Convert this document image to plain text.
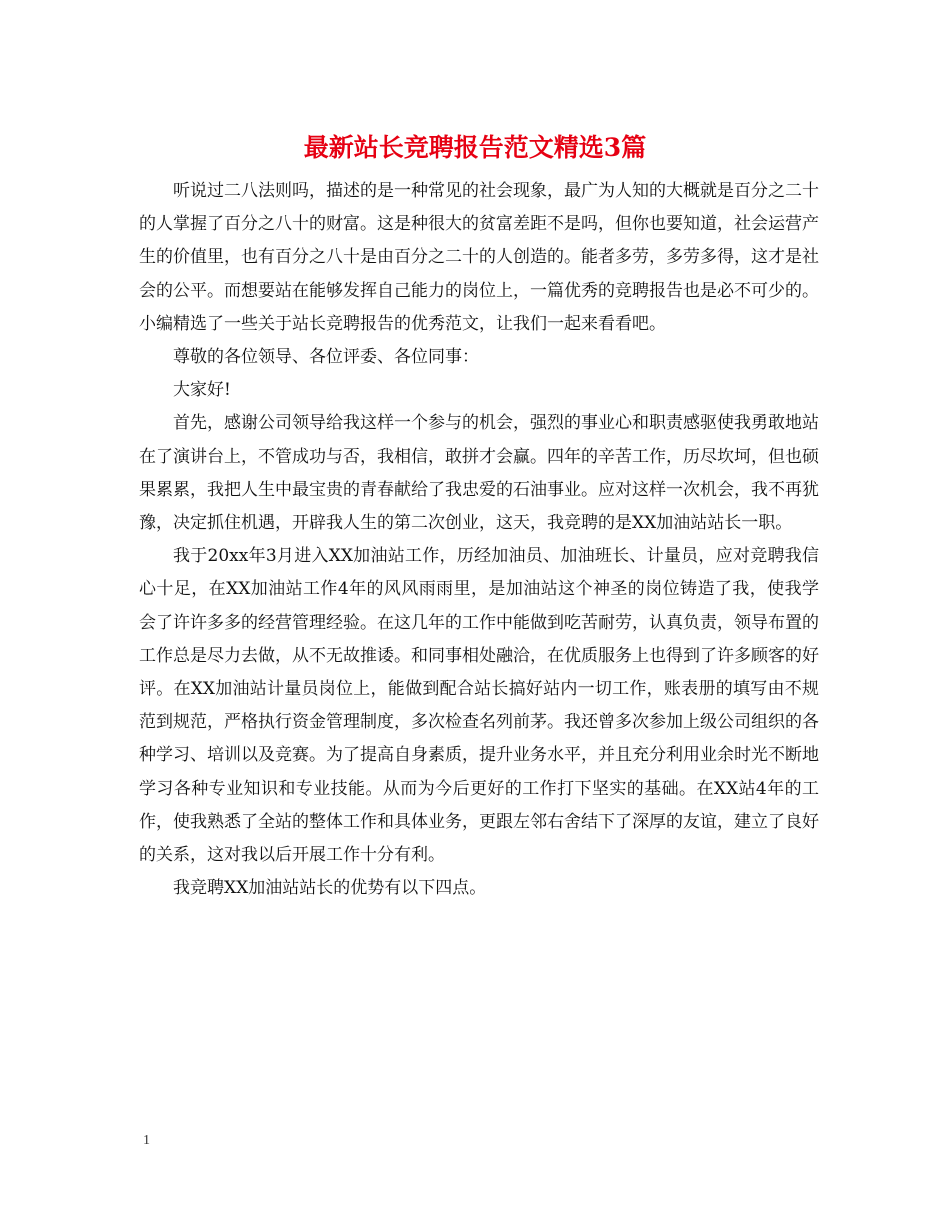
最新站长竞聘报告范文精选3篇

听说过二八法则吗，描述的是一种常见的社会现象，最广为人知的大概就是百分之二十的人掌握了百分之八十的财富。这是种很大的贫富差距不是吗，但你也要知道，社会运营产生的价值里，也有百分之八十是由百分之二十的人创造的。能者多劳，多劳多得，这才是社会的公平。而想要站在能够发挥自己能力的岗位上，一篇优秀的竞聘报告也是必不可少的。小编精选了一些关于站长竞聘报告的优秀范文，让我们一起来看看吧。

尊敬的各位领导、各位评委、各位同事：

大家好!

首先，感谢公司领导给我这样一个参与的机会，强烈的事业心和职责感驱使我勇敢地站在了演讲台上，不管成功与否，我相信，敢拼才会赢。四年的辛苦工作，历尽坎坷，但也硕果累累，我把人生中最宝贵的青春献给了我忠爱的石油事业。应对这样一次机会，我不再犹豫，决定抓住机遇，开辟我人生的第二次创业，这天，我竞聘的是XX加油站站长一职。

我于20xx年3月进入XX加油站工作，历经加油员、加油班长、计量员，应对竞聘我信心十足，在XX加油站工作4年的风风雨雨里，是加油站这个神圣的岗位铸造了我，使我学会了许许多多的经营管理经验。在这几年的工作中能做到吃苦耐劳，认真负责，领导布置的工作总是尽力去做，从不无故推诿。和同事相处融洽，在优质服务上也得到了许多顾客的好评。在XX加油站计量员岗位上，能做到配合站长搞好站内一切工作，账表册的填写由不规范到规范，严格执行资金管理制度，多次检查名列前茅。我还曾多次参加上级公司组织的各种学习、培训以及竞赛。为了提高自身素质，提升业务水平，并且充分利用业余时光不断地学习各种专业知识和专业技能。从而为今后更好的工作打下坚实的基础。在XX站4年的工作，使我熟悉了全站的整体工作和具体业务，更跟左邻右舍结下了深厚的友谊，建立了良好的关系，这对我以后开展工作十分有利。

我竞聘XX加油站站长的优势有以下四点。

1
